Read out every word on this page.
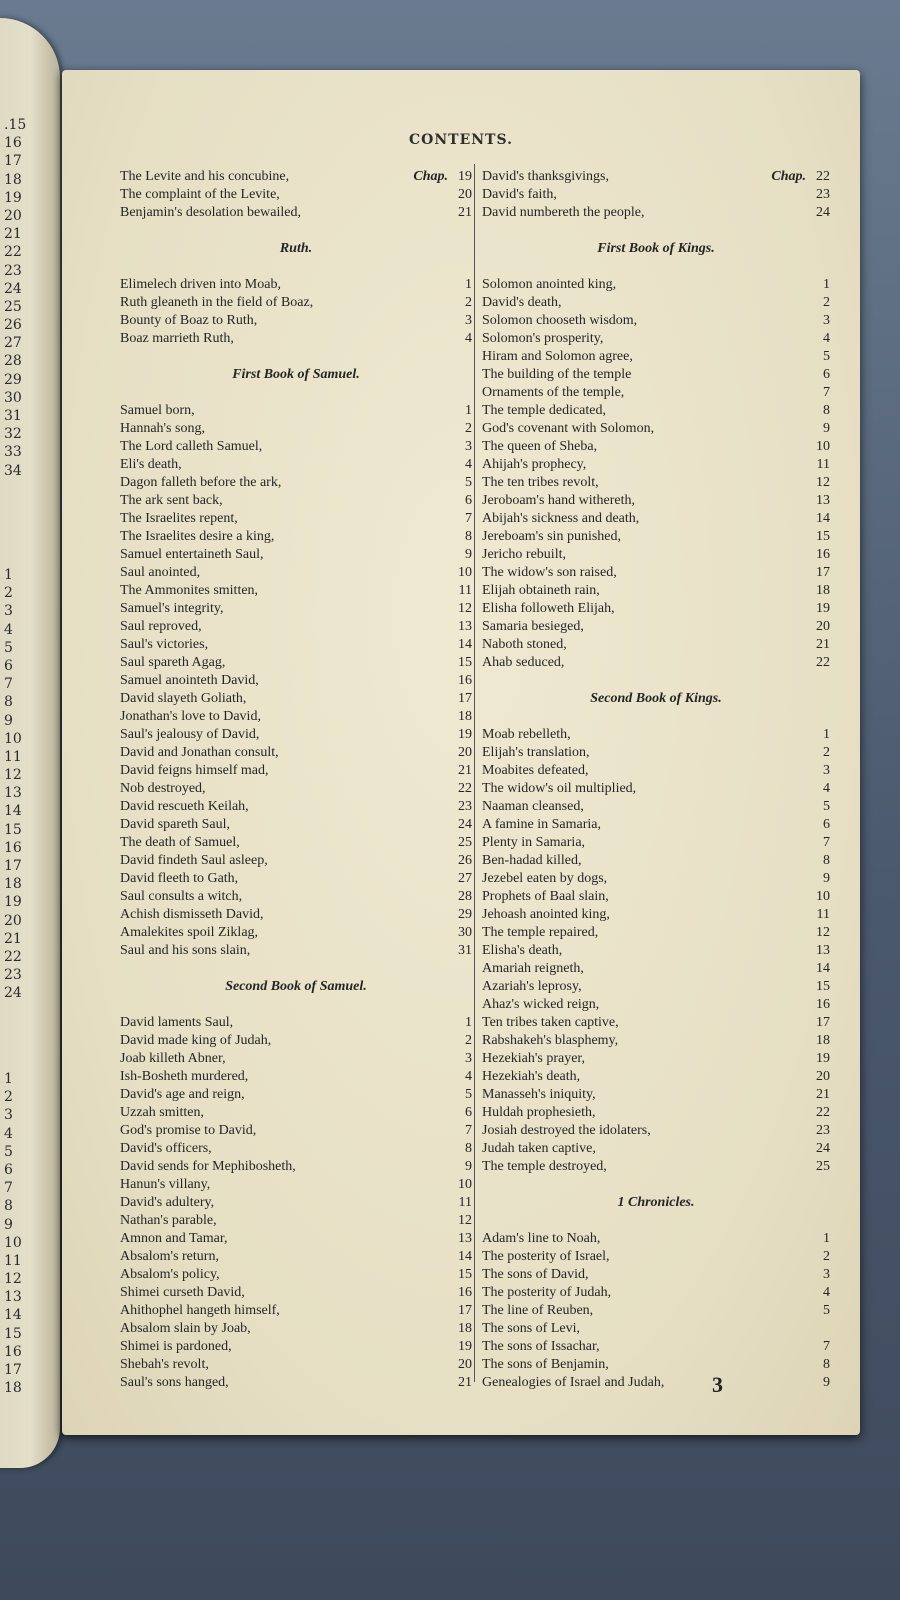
.15
16
17
18
19
20
21
22
23
24
25
26
27
28
29
30
31
32
33
34
1
2
3
4
5
6
7
8
9
10
11
12
13
14
15
16
17
18
19
20
21
22
23
24
1
2
3
4
5
6
7
8
9
10
11
12
13
14
15
16
17
18
CONTENTS.
The Levite and his concubine,	Chap. 19
The complaint of the Levite,	20
Benjamin's desolation bewailed,	21
Ruth.
Elimelech driven into Moab,	1
Ruth gleaneth in the field of Boaz,	2
Bounty of Boaz to Ruth,	3
Boaz marrieth Ruth,	4
First Book of Samuel.
Samuel born,	1
Hannah's song,	2
The Lord calleth Samuel,	3
Eli's death,	4
Dagon falleth before the ark,	5
The ark sent back,	6
The Israelites repent,	7
The Israelites desire a king,	8
Samuel entertaineth Saul,	9
Saul anointed,	10
The Ammonites smitten,	11
Samuel's integrity,	12
Saul reproved,	13
Saul's victories,	14
Saul spareth Agag,	15
Samuel anointeth David,	16
David slayeth Goliath,	17
Jonathan's love to David,	18
Saul's jealousy of David,	19
David and Jonathan consult,	20
David feigns himself mad,	21
Nob destroyed,	22
David rescueth Keilah,	23
David spareth Saul,	24
The death of Samuel,	25
David findeth Saul asleep,	26
David fleeth to Gath,	27
Saul consults a witch,	28
Achish dismisseth David,	29
Amalekites spoil Ziklag,	30
Saul and his sons slain,	31
Second Book of Samuel.
David laments Saul,	1
David made king of Judah,	2
Joab killeth Abner,	3
Ish-Bosheth murdered,	4
David's age and reign,	5
Uzzah smitten,	6
God's promise to David,	7
David's officers,	8
David sends for Mephibosheth,	9
Hanun's villany,	10
David's adultery,	11
Nathan's parable,	12
Amnon and Tamar,	13
Absalom's return,	14
Absalom's policy,	15
Shimei curseth David,	16
Ahithophel hangeth himself,	17
Absalom slain by Joab,	18
Shimei is pardoned,	19
Shebah's revolt,	20
Saul's sons hanged,	21
David's thanksgivings,	Chap. 22
David's faith,	23
David numbereth the people,	24
First Book of Kings.
Solomon anointed king,	1
David's death,	2
Solomon chooseth wisdom,	3
Solomon's prosperity,	4
Hiram and Solomon agree,	5
The building of the temple	6
Ornaments of the temple,	7
The temple dedicated,	8
God's covenant with Solomon,	9
The queen of Sheba,	10
Ahijah's prophecy,	11
The ten tribes revolt,	12
Jeroboam's hand withereth,	13
Abijah's sickness and death,	14
Jereboam's sin punished,	15
Jericho rebuilt,	16
The widow's son raised,	17
Elijah obtaineth rain,	18
Elisha followeth Elijah,	19
Samaria besieged,	20
Naboth stoned,	21
Ahab seduced,	22
Second Book of Kings.
Moab rebelleth,	1
Elijah's translation,	2
Moabites defeated,	3
The widow's oil multiplied,	4
Naaman cleansed,	5
A famine in Samaria,	6
Plenty in Samaria,	7
Ben-hadad killed,	8
Jezebel eaten by dogs,	9
Prophets of Baal slain,	10
Jehoash anointed king,	11
The temple repaired,	12
Elisha's death,	13
Amariah reigneth,	14
Azariah's leprosy,	15
Ahaz's wicked reign,	16
Ten tribes taken captive,	17
Rabshakeh's blasphemy,	18
Hezekiah's prayer,	19
Hezekiah's death,	20
Manasseh's iniquity,	21
Huldah prophesieth,	22
Josiah destroyed the idolaters,	23
Judah taken captive,	24
The temple destroyed,	25
1 Chronicles.
Adam's line to Noah,	1
The posterity of Israel,	2
The sons of David,	3
The posterity of Judah,	4
The line of Reuben,	5
The sons of Levi,
The sons of Issachar,	7
The sons of Benjamin,	8
Genealogies of Israel and Judah,	9
3
